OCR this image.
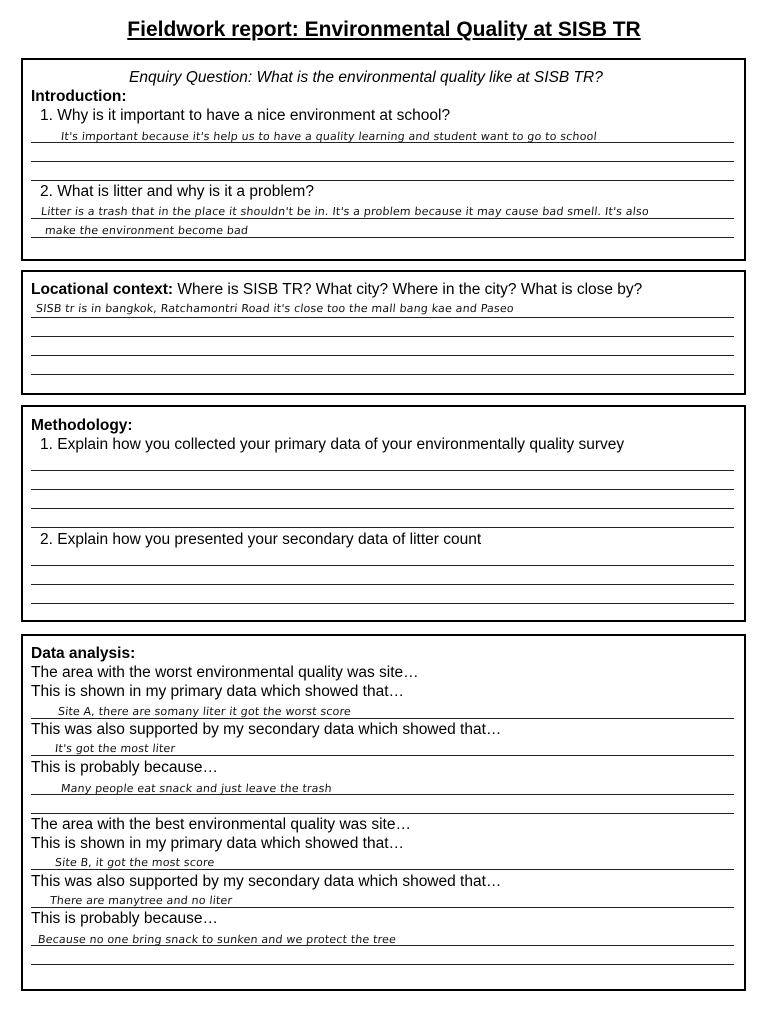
Fieldwork report: Environmental Quality at SISB TR
Enquiry Question: What is the environmental quality like at SISB TR?
Introduction:
1. Why is it important to have a nice environment at school?
It's important because it's help us to have a quality learning and student want to go to school
2. What is litter and why is it a problem?
Litter is a trash that in the place it shouldn't be in. It's a problem because it may cause bad smell. It's also
make the environment become bad
Locational context: Where is SISB TR? What city? Where in the city? What is close by?
SISB tr is in bangkok, Ratchamontri Road it's close too the mall bang kae and Paseo
Methodology:
1. Explain how you collected your primary data of your environmentally quality survey
2. Explain how you presented your secondary data of litter count
Data analysis:
The area with the worst environmental quality was site…
This is shown in my primary data which showed that…
Site A, there are somany liter it got the worst score
This was also supported by my secondary data which showed that…
It's got the most liter
This is probably because…
Many people eat snack and just leave the trash
The area with the best environmental quality was site…
This is shown in my primary data which showed that…
Site B, it got the most score
This was also supported by my secondary data which showed that…
There are manytree and no liter
This is probably because…
Because no one bring snack to sunken and we protect the tree
